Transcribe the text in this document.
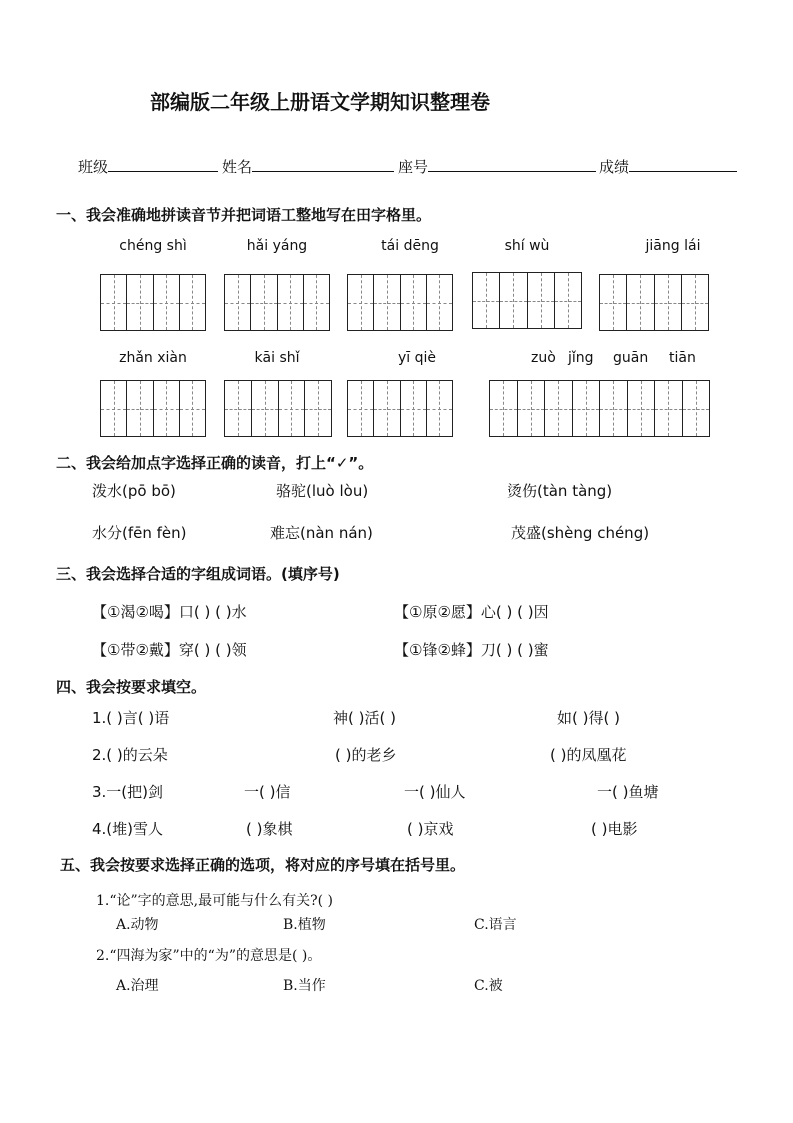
部编版二年级上册语文学期知识整理卷
班级	姓名	座号	成绩
一、我会准确地拼读音节并把词语工整地写在田字格里。
chéng shì	hǎi yáng	tái dēng	shí wù	jiāng lái
zhǎn xiàn	kāi shǐ	yī qiè	zuò jǐng guān tiān
二、我会给加点字选择正确的读音，打上“✓”。
泼水(pō bō)	骆驼(luò lòu)	烫伤(tàn tàng)
水分(fēn fèn)	难忘(nàn nán)	茂盛(shèng chéng)
三、我会选择合适的字组成词语。(填序号)
【①渴②喝】口( ) ( )水	【①原②愿】心( ) ( )因
【①带②戴】穿( ) ( )领	【①锋②蜂】刀( ) ( )蜜
四、我会按要求填空。
1.( )言( )语	神( )活( )	如( )得( )
2.( )的云朵	( )的老乡	( )的凤凰花
3.一(把)剑	一( )信	一( )仙人	一( )鱼塘
4.(堆)雪人	( )象棋	( )京戏	( )电影
五、我会按要求选择正确的选项，将对应的序号填在括号里。
1.“论”字的意思,最可能与什么有关?( )
A.动物	B.植物	C.语言
2.“四海为家”中的“为”的意思是( )。
A.治理	B.当作	C.被
